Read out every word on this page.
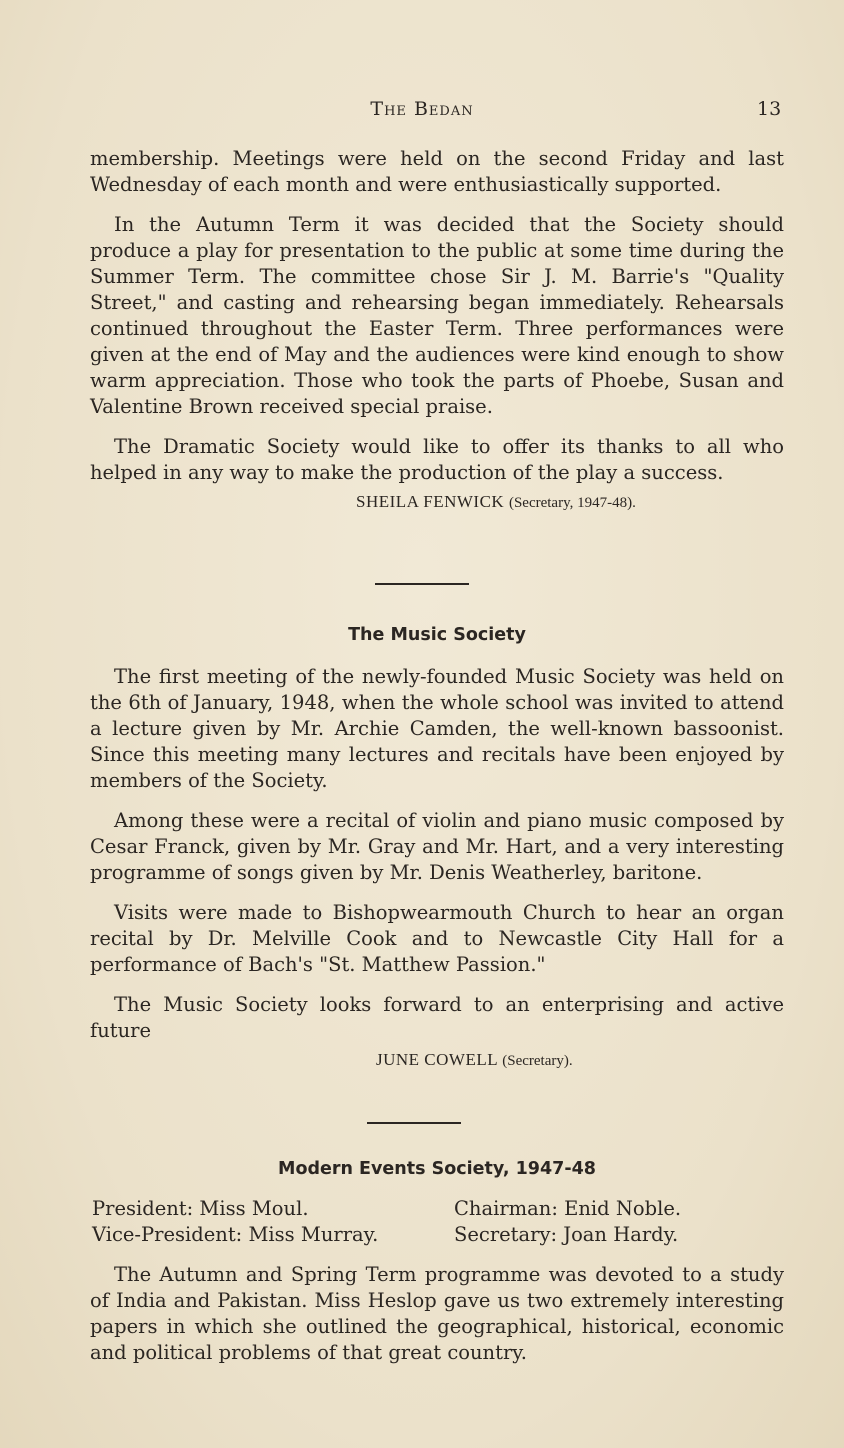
The Bedan	13

membership. Meetings were held on the second Friday and last Wednesday of each month and were enthusiastically supported.

In the Autumn Term it was decided that the Society should produce a play for presentation to the public at some time during the Summer Term. The committee chose Sir J. M. Barrie's "Quality Street," and casting and rehearsing began immediately. Rehearsals continued throughout the Easter Term. Three performances were given at the end of May and the audiences were kind enough to show warm appreciation. Those who took the parts of Phoebe, Susan and Valentine Brown received special praise.

The Dramatic Society would like to offer its thanks to all who helped in any way to make the production of the play a success.

SHEILA FENWICK (Secretary, 1947-48).
The Music Society

The first meeting of the newly-founded Music Society was held on the 6th of January, 1948, when the whole school was invited to attend a lecture given by Mr. Archie Camden, the well-known bassoonist. Since this meeting many lectures and recitals have been enjoyed by members of the Society.

Among these were a recital of violin and piano music composed by Cesar Franck, given by Mr. Gray and Mr. Hart, and a very interesting programme of songs given by Mr. Denis Weatherley, baritone.

Visits were made to Bishopwearmouth Church to hear an organ recital by Dr. Melville Cook and to Newcastle City Hall for a performance of Bach's "St. Matthew Passion."

The Music Society looks forward to an enterprising and active future

JUNE COWELL (Secretary).
Modern Events Society, 1947-48
President: Miss Moul.	Chairman: Enid Noble.
Vice-President: Miss Murray.	Secretary: Joan Hardy.

The Autumn and Spring Term programme was devoted to a study of India and Pakistan. Miss Heslop gave us two extremely interesting papers in which she outlined the geographical, historical, economic and political problems of that great country.
